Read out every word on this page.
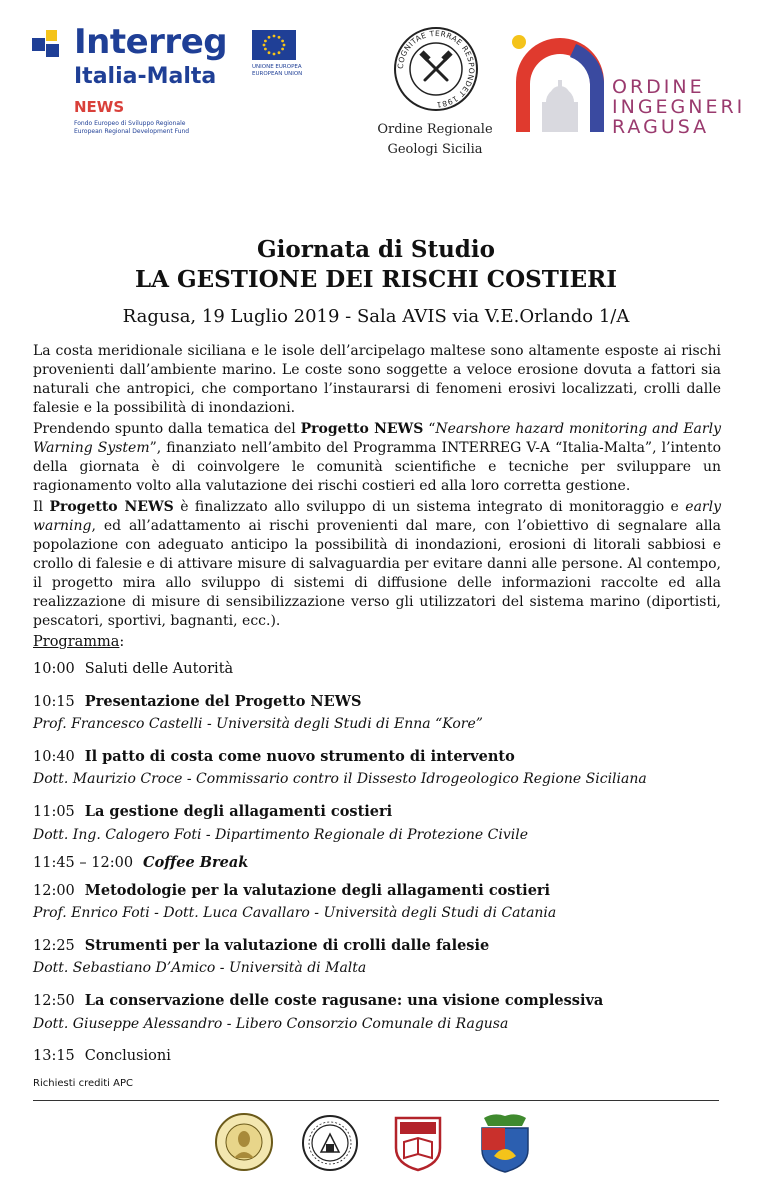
Interreg
Italia-Malta
NEWS
Fondo Europeo di Sviluppo Regionale
European Regional Development Fund
UNIONE EUROPEA
EUROPEAN UNION
COGNITAE TERRAE RESPONDET 1981
Ordine Regionale
Geologi Sicilia
ORDINE
INGEGNERI
RAGUSA
Giornata di Studio
LA GESTIONE DEI RISCHI COSTIERI
Ragusa, 19 Luglio 2019 - Sala AVIS via V.E.Orlando 1/A

La costa meridionale siciliana e le isole dell’arcipelago maltese sono altamente esposte ai rischi provenienti dall’ambiente marino. Le coste sono soggette a veloce erosione dovuta a fattori sia naturali che antropici, che comportano l’instaurarsi di fenomeni erosivi localizzati, crolli dalle falesie e la possibilità di inondazioni.

Prendendo spunto dalla tematica del Progetto NEWS “Nearshore hazard monitoring and Early Warning System”, finanziato nell’ambito del Programma INTERREG V-A “Italia-Malta”, l’intento della giornata è di coinvolgere le comunità scientifiche e tecniche per sviluppare un ragionamento volto alla valutazione dei rischi costieri ed alla loro corretta gestione.

Il Progetto NEWS è finalizzato allo sviluppo di un sistema integrato di monitoraggio e early warning, ed all’adattamento ai rischi provenienti dal mare, con l’obiettivo di segnalare alla popolazione con adeguato anticipo la possibilità di inondazioni, erosioni di litorali sabbiosi e crollo di falesie e di attivare misure di salvaguardia per evitare danni alle persone. Al contempo, il progetto mira allo sviluppo di sistemi di diffusione delle informazioni raccolte ed alla realizzazione di misure di sensibilizzazione verso gli utilizzatori del sistema marino (diportisti, pescatori, sportivi, bagnanti, ecc.).

Programma:
10:00 Saluti delle Autorità
10:15 Presentazione del Progetto NEWS
Prof. Francesco Castelli - Università degli Studi di Enna “Kore”
10:40 Il patto di costa come nuovo strumento di intervento
Dott. Maurizio Croce - Commissario contro il Dissesto Idrogeologico Regione Siciliana
11:05 La gestione degli allagamenti costieri
Dott. Ing. Calogero Foti - Dipartimento Regionale di Protezione Civile
11:45 – 12:00 Coffee Break
12:00 Metodologie per la valutazione degli allagamenti costieri
Prof. Enrico Foti - Dott. Luca Cavallaro - Università degli Studi di Catania
12:25 Strumenti per la valutazione di crolli dalle falesie
Dott. Sebastiano D’Amico - Università di Malta
12:50 La conservazione delle coste ragusane: una visione complessiva
Dott. Giuseppe Alessandro - Libero Consorzio Comunale di Ragusa
13:15 Conclusioni
Richiesti crediti APC
